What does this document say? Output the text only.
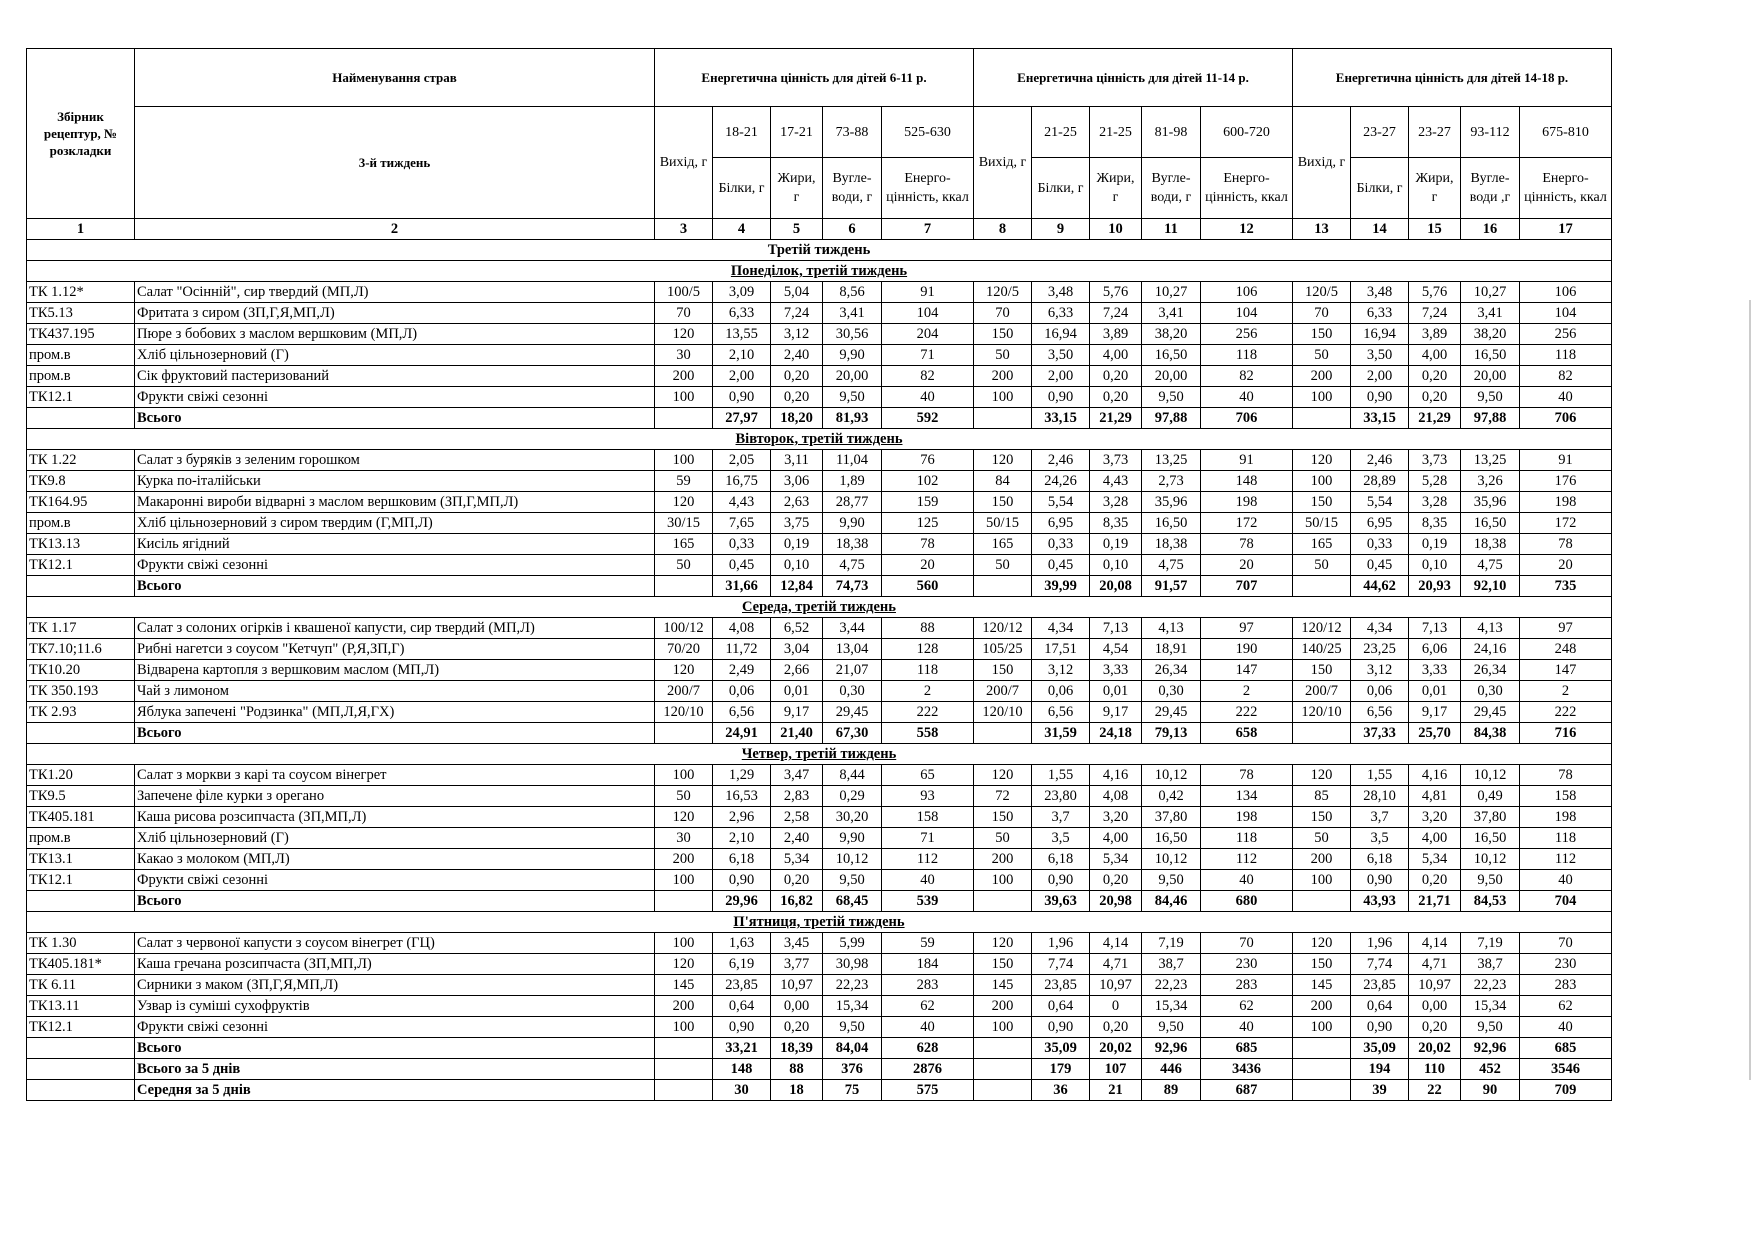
Збірник рецептур, № розкладки	Найменування страв	Енергетична цінність для дітей 6-11 р.					Енергетична цінність для дітей 11-14 р.					Енергетична цінність для дітей 14-18 р.				
	3-й тиждень	Вихід, г	18-21	17-21	73-88	525-630	Вихід, г	21-25	21-25	81-98	600-720	Вихід, г	23-27	23-27	93-112	675-810
			Білки, г	Жири, г	Вугле-води, г	Енерго-цінність, ккал		Білки, г	Жири, г	Вугле-води, г	Енерго-цінність, ккал		Білки, г	Жири, г	Вугле-води ,г	Енерго-цінність, ккал
1	2	3	4	5	6	7	8	9	10	11	12	13	14	15	16	17
Третій тиждень																
Понеділок, третій тиждень																
ТК 1.12*	Салат "Осінній", сир твердий (МП,Л)	100/5	3,09	5,04	8,56	91	120/5	3,48	5,76	10,27	106	120/5	3,48	5,76	10,27	106
ТК5.13	Фритата з сиром (ЗП,Г,Я,МП,Л)	70	6,33	7,24	3,41	104	70	6,33	7,24	3,41	104	70	6,33	7,24	3,41	104
ТК437.195	Пюре з бобових з маслом вершковим (МП,Л)	120	13,55	3,12	30,56	204	150	16,94	3,89	38,20	256	150	16,94	3,89	38,20	256
пром.в	Хліб цільнозерновий (Г)	30	2,10	2,40	9,90	71	50	3,50	4,00	16,50	118	50	3,50	4,00	16,50	118
пром.в	Сік фруктовий пастеризований	200	2,00	0,20	20,00	82	200	2,00	0,20	20,00	82	200	2,00	0,20	20,00	82
ТК12.1	Фрукти свіжі сезонні	100	0,90	0,20	9,50	40	100	0,90	0,20	9,50	40	100	0,90	0,20	9,50	40
	Всього		27,97	18,20	81,93	592		33,15	21,29	97,88	706		33,15	21,29	97,88	706
Вівторок, третій тиждень																
ТК 1.22	Салат з буряків з зеленим горошком	100	2,05	3,11	11,04	76	120	2,46	3,73	13,25	91	120	2,46	3,73	13,25	91
ТК9.8	Курка по-італійськи	59	16,75	3,06	1,89	102	84	24,26	4,43	2,73	148	100	28,89	5,28	3,26	176
ТК164.95	Макаронні вироби відварні з маслом вершковим (ЗП,Г,МП,Л)	120	4,43	2,63	28,77	159	150	5,54	3,28	35,96	198	150	5,54	3,28	35,96	198
пром.в	Хліб цільнозерновий з сиром твердим (Г,МП,Л)	30/15	7,65	3,75	9,90	125	50/15	6,95	8,35	16,50	172	50/15	6,95	8,35	16,50	172
ТК13.13	Кисіль ягідний	165	0,33	0,19	18,38	78	165	0,33	0,19	18,38	78	165	0,33	0,19	18,38	78
ТК12.1	Фрукти свіжі сезонні	50	0,45	0,10	4,75	20	50	0,45	0,10	4,75	20	50	0,45	0,10	4,75	20
	Всього		31,66	12,84	74,73	560		39,99	20,08	91,57	707		44,62	20,93	92,10	735
Середа, третій тиждень																
ТК 1.17	Салат з солоних огірків і квашеної капусти, сир твердий (МП,Л)	100/12	4,08	6,52	3,44	88	120/12	4,34	7,13	4,13	97	120/12	4,34	7,13	4,13	97
ТК7.10;11.6	Рибні нагетси з соусом "Кетчуп" (Р,Я,ЗП,Г)	70/20	11,72	3,04	13,04	128	105/25	17,51	4,54	18,91	190	140/25	23,25	6,06	24,16	248
ТК10.20	Відварена картопля з вершковим маслом (МП,Л)	120	2,49	2,66	21,07	118	150	3,12	3,33	26,34	147	150	3,12	3,33	26,34	147
ТК 350.193	Чай з лимоном	200/7	0,06	0,01	0,30	2	200/7	0,06	0,01	0,30	2	200/7	0,06	0,01	0,30	2
ТК 2.93	Яблука запечені "Родзинка" (МП,Л,Я,ГХ)	120/10	6,56	9,17	29,45	222	120/10	6,56	9,17	29,45	222	120/10	6,56	9,17	29,45	222
	Всього		24,91	21,40	67,30	558		31,59	24,18	79,13	658		37,33	25,70	84,38	716
Четвер, третій тиждень																
ТК1.20	Салат з моркви з карі та соусом вінегрет	100	1,29	3,47	8,44	65	120	1,55	4,16	10,12	78	120	1,55	4,16	10,12	78
ТК9.5	Запечене філе курки з орегано	50	16,53	2,83	0,29	93	72	23,80	4,08	0,42	134	85	28,10	4,81	0,49	158
ТК405.181	Каша рисова розсипчаста (ЗП,МП,Л)	120	2,96	2,58	30,20	158	150	3,7	3,20	37,80	198	150	3,7	3,20	37,80	198
пром.в	Хліб цільнозерновий (Г)	30	2,10	2,40	9,90	71	50	3,5	4,00	16,50	118	50	3,5	4,00	16,50	118
ТК13.1	Какао з молоком (МП,Л)	200	6,18	5,34	10,12	112	200	6,18	5,34	10,12	112	200	6,18	5,34	10,12	112
ТК12.1	Фрукти свіжі сезонні	100	0,90	0,20	9,50	40	100	0,90	0,20	9,50	40	100	0,90	0,20	9,50	40
	Всього		29,96	16,82	68,45	539		39,63	20,98	84,46	680		43,93	21,71	84,53	704
П'ятниця, третій тиждень																
ТК 1.30	Салат з червоної капусти з соусом вінегрет (ГЦ)	100	1,63	3,45	5,99	59	120	1,96	4,14	7,19	70	120	1,96	4,14	7,19	70
ТК405.181*	Каша гречана розсипчаста (ЗП,МП,Л)	120	6,19	3,77	30,98	184	150	7,74	4,71	38,7	230	150	7,74	4,71	38,7	230
ТК 6.11	Сирники з маком (ЗП,Г,Я,МП,Л)	145	23,85	10,97	22,23	283	145	23,85	10,97	22,23	283	145	23,85	10,97	22,23	283
ТК13.11	Узвар із суміші сухофруктів	200	0,64	0,00	15,34	62	200	0,64	0	15,34	62	200	0,64	0,00	15,34	62
ТК12.1	Фрукти свіжі сезонні	100	0,90	0,20	9,50	40	100	0,90	0,20	9,50	40	100	0,90	0,20	9,50	40
	Всього		33,21	18,39	84,04	628		35,09	20,02	92,96	685		35,09	20,02	92,96	685
	Всього за 5 днів		148	88	376	2876		179	107	446	3436		194	110	452	3546
	Середня за 5 днів		30	18	75	575		36	21	89	687		39	22	90	709
